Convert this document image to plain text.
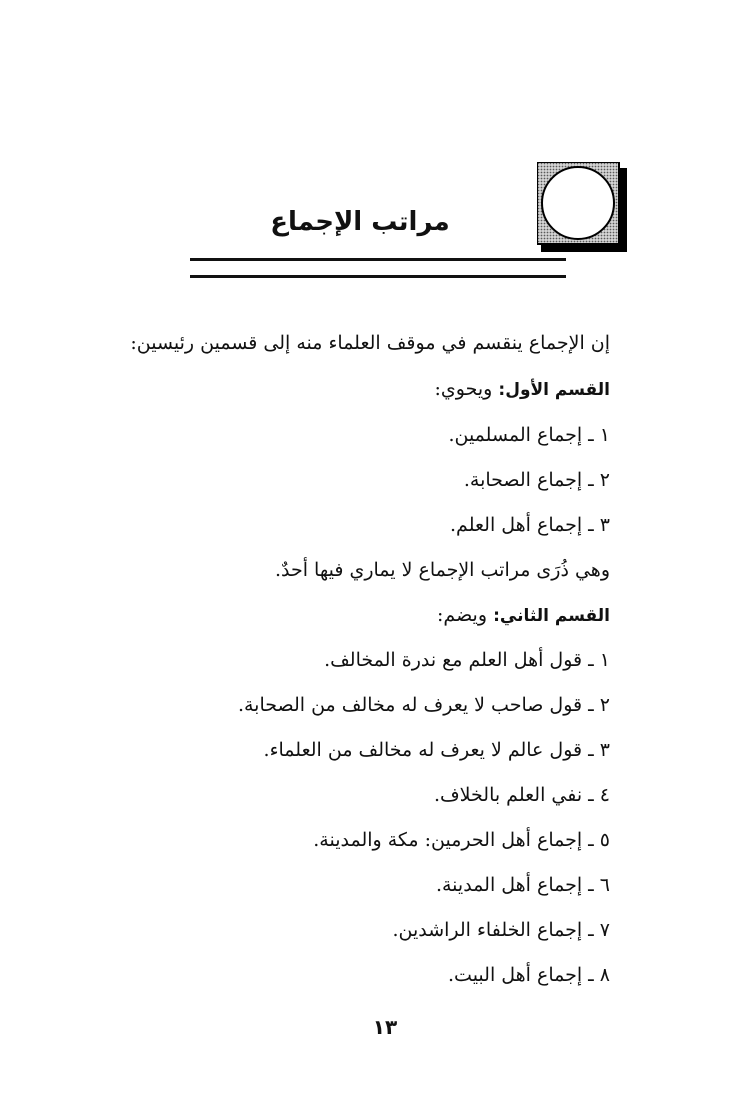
مراتب الإجماع
إن الإجماع ينقسم في موقف العلماء منه إلى قسمين رئيسين:
القسم الأول: ويحوي:
١ ـ إجماع المسلمين.
٢ ـ إجماع الصحابة.
٣ ـ إجماع أهل العلم.
وهي ذُرَى مراتب الإجماع لا يماري فيها أحدٌ.
القسم الثاني: ويضم:
١ ـ قول أهل العلم مع ندرة المخالف.
٢ ـ قول صاحب لا يعرف له مخالف من الصحابة.
٣ ـ قول عالم لا يعرف له مخالف من العلماء.
٤ ـ نفي العلم بالخلاف.
٥ ـ إجماع أهل الحرمين: مكة والمدينة.
٦ ـ إجماع أهل المدينة.
٧ ـ إجماع الخلفاء الراشدين.
٨ ـ إجماع أهل البيت.
١٣
